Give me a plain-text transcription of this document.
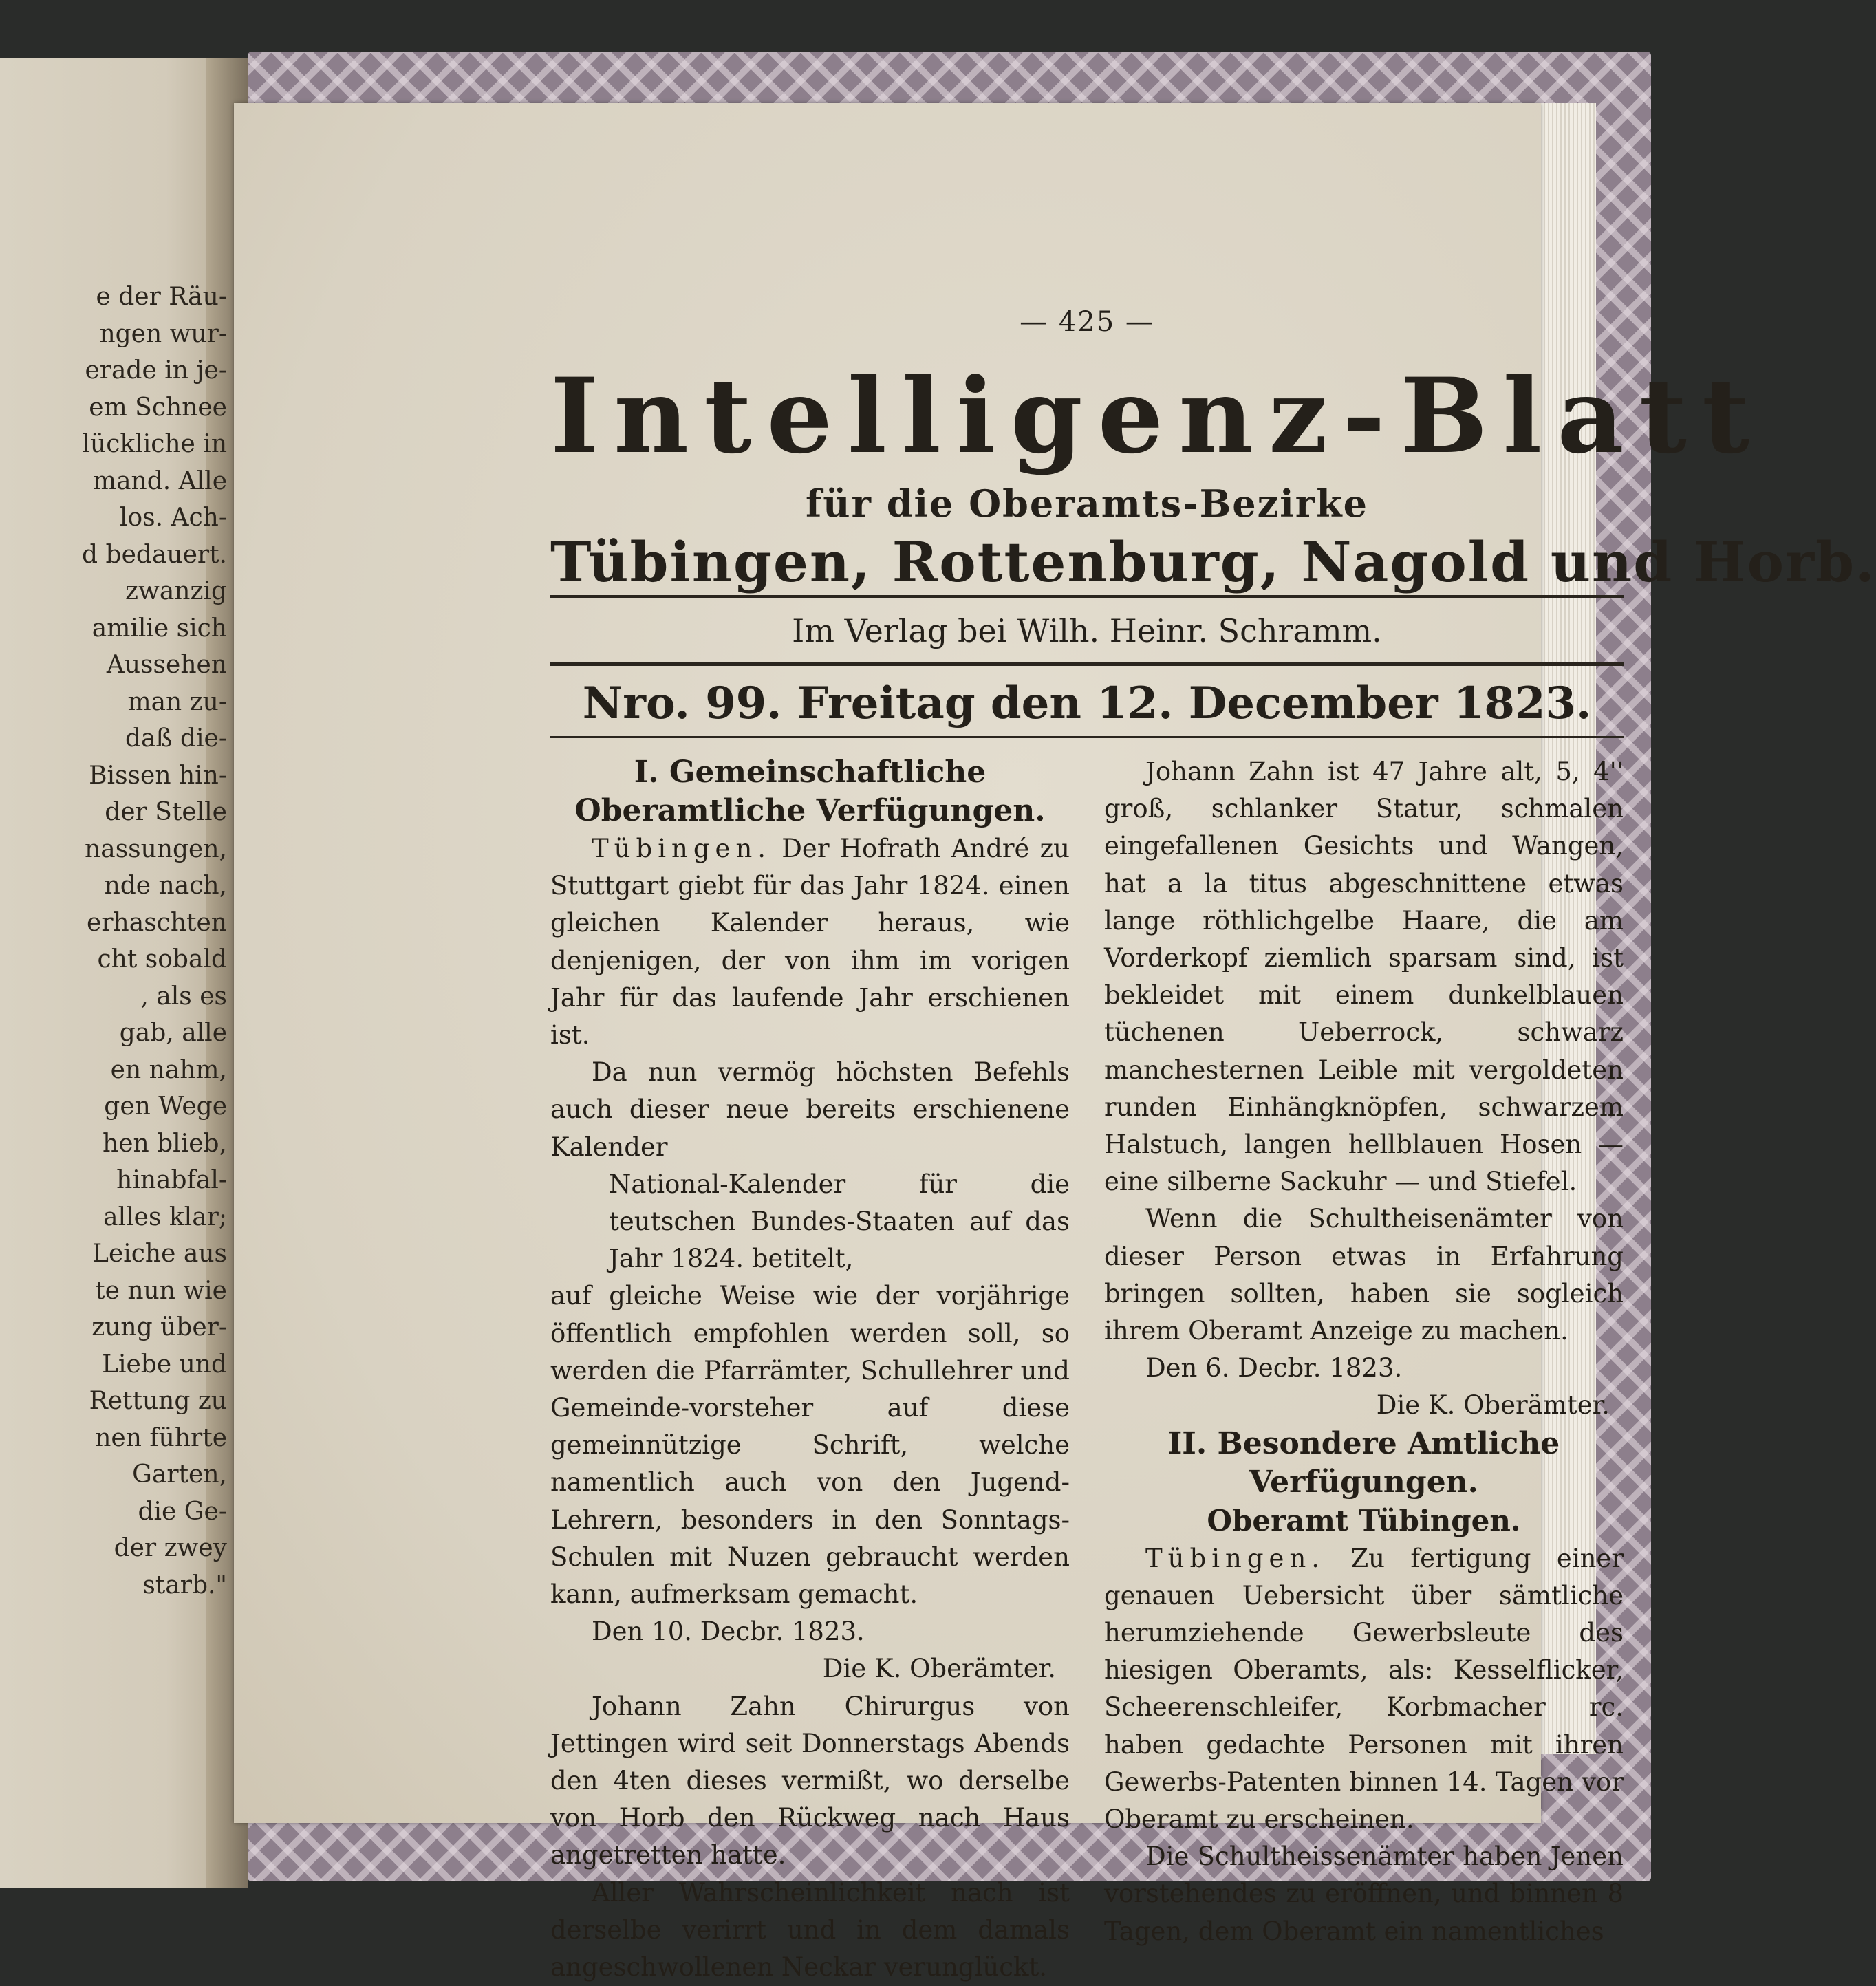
e der Räu-
ngen wur-
erade in je-
em Schnee
lückliche in
mand. Alle
los. Ach-
d bedauert.
zwanzig
amilie sich
Aussehen
man zu-
daß die-
Bissen hin-
der Stelle
nassungen,
nde nach,
erhaschten
cht sobald
, als es
gab, alle
en nahm,
gen Wege
hen blieb,
hinabfal-
alles klar;
Leiche aus
te nun wie
zung über-
Liebe und
Rettung zu
nen führte
Garten,
die Ge-
der zwey
starb."
— 425 —
Intelligenz-Blatt
für die Oberamts-Bezirke
Tübingen, Rottenburg, Nagold und Horb.
Im Verlag bei Wilh. Heinr. Schramm.
Nro. 99. Freitag den 12. December 1823.
I. Gemeinschaftliche Oberamtliche Verfügungen.

Tübingen. Der Hofrath André zu Stuttgart giebt für das Jahr 1824. einen gleichen Kalender heraus, wie denjenigen, der von ihm im vorigen Jahr für das laufende Jahr erschienen ist.

Da nun vermög höchsten Befehls auch dieser neue bereits erschienene Kalender

National-Kalender für die teutschen Bundes-Staaten auf das Jahr 1824. betitelt,

auf gleiche Weise wie der vorjährige öffentlich empfohlen werden soll, so werden die Pfarrämter, Schullehrer und Gemeinde-vorsteher auf diese gemeinnützige Schrift, welche namentlich auch von den Jugend-Lehrern, besonders in den Sonntags-Schulen mit Nuzen gebraucht werden kann, aufmerksam gemacht.

Den 10. Decbr. 1823.

Die K. Oberämter.

Johann Zahn Chirurgus von Jettingen wird seit Donnerstags Abends den 4ten dieses vermißt, wo derselbe von Horb den Rückweg nach Haus angetretten hatte.

Aller Wahrscheinlichkeit nach ist derselbe verirrt und in dem damals angeschwollenen Neckar verunglückt.

Johann Zahn ist 47 Jahre alt, 5, 4'' groß, schlanker Statur, schmalen eingefallenen Gesichts und Wangen, hat a la titus abgeschnittene etwas lange röthlichgelbe Haare, die am Vorderkopf ziemlich sparsam sind, ist bekleidet mit einem dunkelblauen tüchenen Ueberrock, schwarz manchesternen Leible mit vergoldeten runden Einhängknöpfen, schwarzem Halstuch, langen hellblauen Hosen — eine silberne Sackuhr — und Stiefel.

Wenn die Schultheisenämter von dieser Person etwas in Erfahrung bringen sollten, haben sie sogleich ihrem Oberamt Anzeige zu machen.

Den 6. Decbr. 1823.

Die K. Oberämter.

II. Besondere Amtliche Verfügungen.
Oberamt Tübingen.

Tübingen. Zu fertigung einer genauen Uebersicht über sämtliche herumziehende Gewerbsleute des hiesigen Oberamts, als: Kesselflicker, Scheerenschleifer, Korbmacher rc. haben gedachte Personen mit ihren Gewerbs-Patenten binnen 14. Tagen vor Oberamt zu erscheinen.

Die Schultheissenämter haben Jenen vorstehendes zu eröffnen, und binnen 8 Tagen, dem Oberamt ein namentliches
